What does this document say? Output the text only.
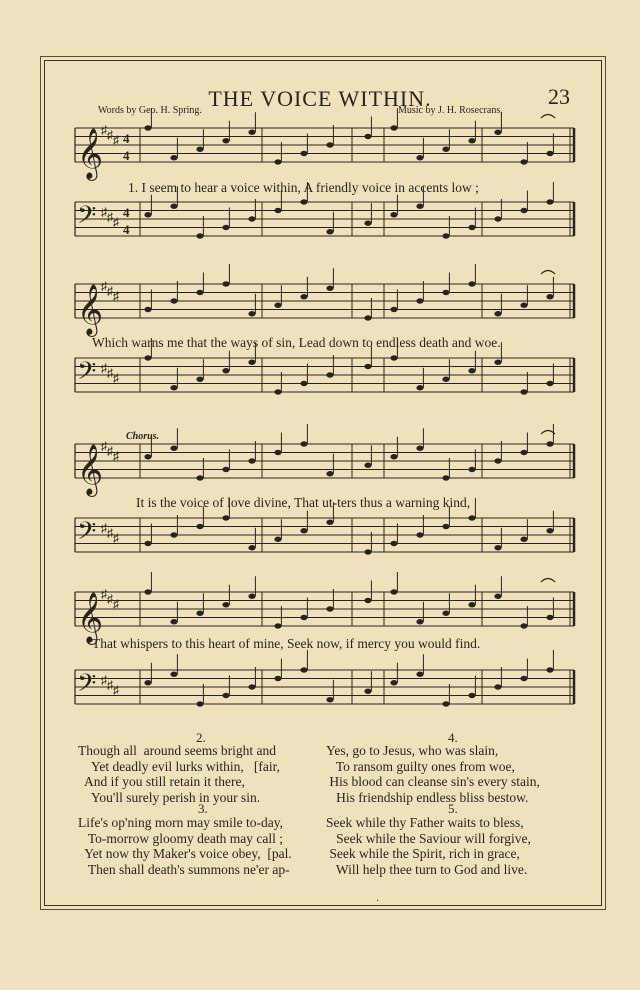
THE VOICE WITHIN.	23
Words by Geo. H. Spring.	Music by J. H. Rosecrans.
𝄞
♯ ♯ ♯ 4
4
𝄢 ♯ ♯ ♯
4
4
𝄞
♯ ♯ ♯
𝄢 ♯ ♯ ♯
𝄞
♯ ♯ ♯
𝄢 ♯ ♯ ♯
𝄞
♯ ♯ ♯
𝄢 ♯ ♯ ♯
1. I seem to hear a voice within, A friendly voice in accents low ;
Which warns me that the ways of sin, Lead down to endless death and woe.
Chorus.
It is the voice of love divine, That ut-ters thus a warning kind,
That whispers to this heart of mine, Seek now, if mercy you would find.
2.
Though all  around seems bright and
Yet deadly evil lurks within,   [fair,
And if you still retain it there,
You'll surely perish in your sin.
3.
Life's op'ning morn may smile to-day,
To-morrow gloomy death may call ;
Yet now thy Maker's voice obey,  [pal.
Then shall death's summons ne'er ap-
4.
Yes, go to Jesus, who was slain,
To ransom guilty ones from woe,
His blood can cleanse sin's every stain,
His friendship endless bliss bestow.
5.
Seek while thy Father waits to bless,
Seek while the Saviour will forgive,
Seek while the Spirit, rich in grace,
Will help thee turn to God and live.
·
